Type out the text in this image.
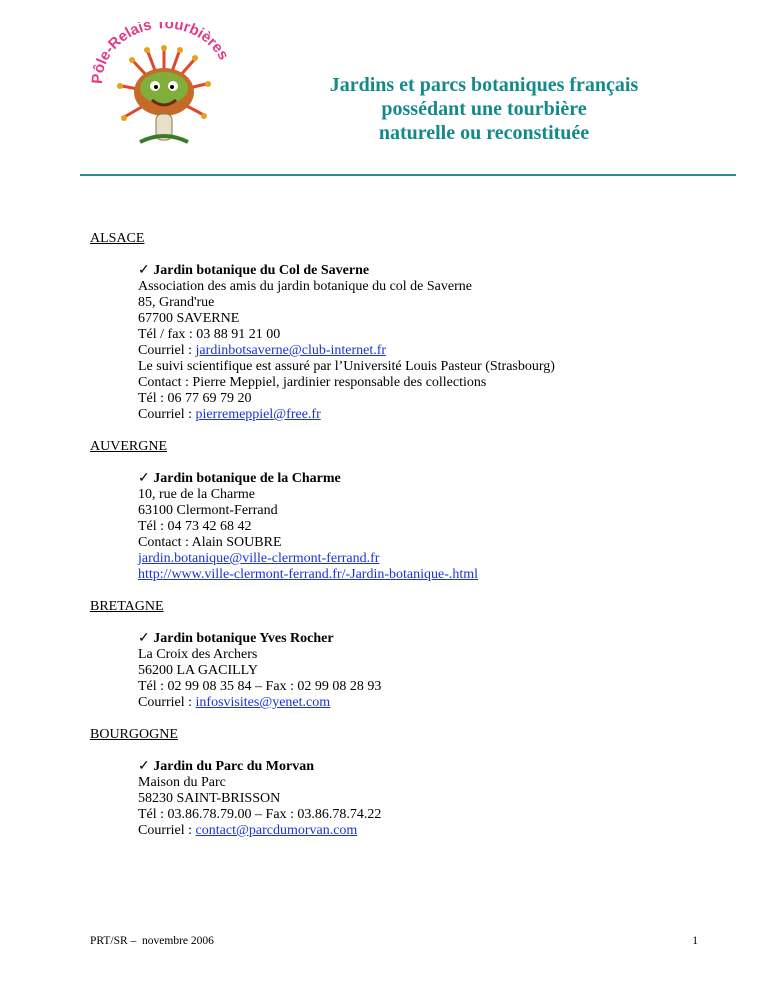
Pôle-Relais Tourbières
Jardins et parcs botaniques français
possédant une tourbière
naturelle ou reconstituée
ALSACE
✓ Jardin botanique du Col de Saverne
Association des amis du jardin botanique du col de Saverne
85, Grand'rue
67700 SAVERNE
Tél / fax : 03 88 91 21 00
Courriel : jardinbotsaverne@club-internet.fr
Le suivi scientifique est assuré par l’Université Louis Pasteur (Strasbourg)
Contact : Pierre Meppiel, jardinier responsable des collections
Tél : 06 77 69 79 20
Courriel : pierremeppiel@free.fr
AUVERGNE
✓ Jardin botanique de la Charme
10, rue de la Charme
63100 Clermont-Ferrand
Tél : 04 73 42 68 42
Contact : Alain SOUBRE
jardin.botanique@ville-clermont-ferrand.fr
http://www.ville-clermont-ferrand.fr/-Jardin-botanique-.html
BRETAGNE
✓ Jardin botanique Yves Rocher
La Croix des Archers
56200 LA GACILLY
Tél : 02 99 08 35 84 – Fax : 02 99 08 28 93
Courriel : infosvisites@yenet.com
BOURGOGNE
✓ Jardin du Parc du Morvan
Maison du Parc
58230 SAINT-BRISSON
Tél : 03.86.78.79.00 – Fax : 03.86.78.74.22
Courriel : contact@parcdumorvan.com
PRT/SR –  novembre 2006	1
